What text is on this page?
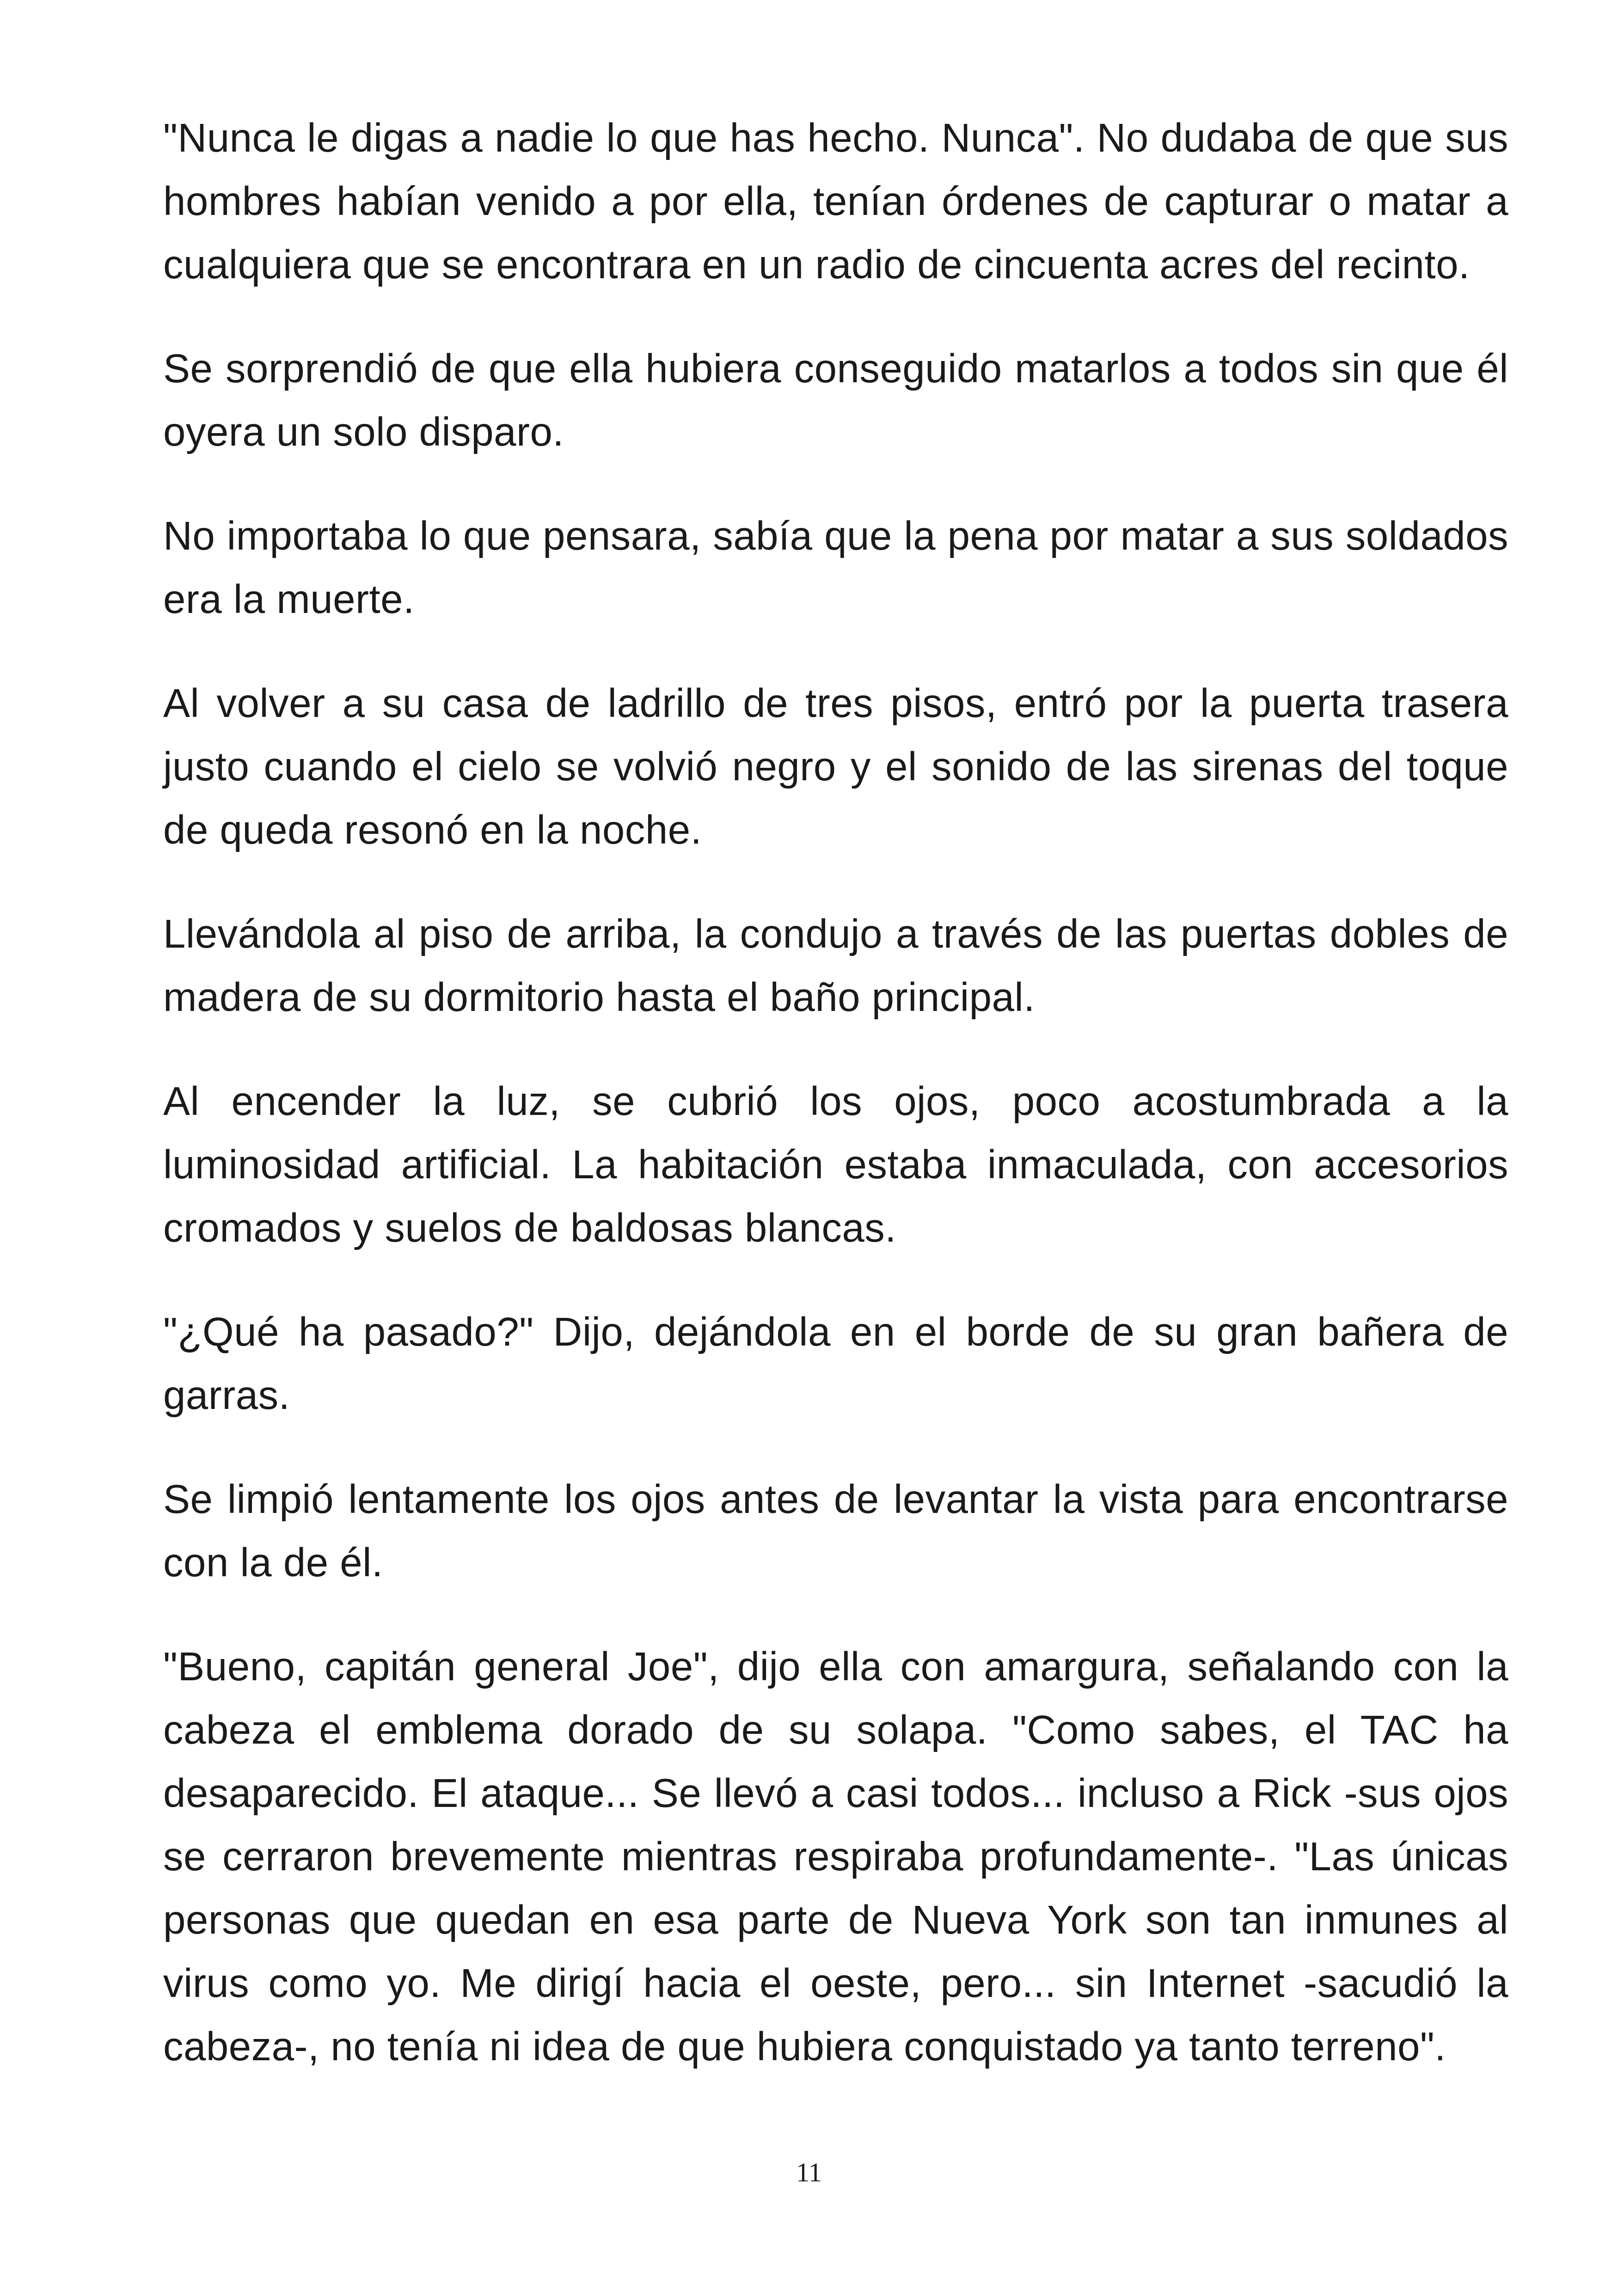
"Nunca le digas a nadie lo que has hecho. Nunca". No dudaba de que sus hombres habían venido a por ella, tenían órdenes de capturar o matar a cualquiera que se encontrara en un radio de cincuenta acres del recinto.

Se sorprendió de que ella hubiera conseguido matarlos a todos sin que él oyera un solo disparo.

No importaba lo que pensara, sabía que la pena por matar a sus soldados era la muerte.

Al volver a su casa de ladrillo de tres pisos, entró por la puerta trasera justo cuando el cielo se volvió negro y el sonido de las sirenas del toque de queda resonó en la noche.

Llevándola al piso de arriba, la condujo a través de las puertas dobles de madera de su dormitorio hasta el baño principal.

Al encender la luz, se cubrió los ojos, poco acostumbrada a la luminosidad artificial. La habitación estaba inmaculada, con accesorios cromados y suelos de baldosas blancas.

"¿Qué ha pasado?" Dijo, dejándola en el borde de su gran bañera de garras.

Se limpió lentamente los ojos antes de levantar la vista para encontrarse con la de él.

"Bueno, capitán general Joe", dijo ella con amargura, señalando con la cabeza el emblema dorado de su solapa. "Como sabes, el TAC ha desaparecido. El ataque... Se llevó a casi todos... incluso a Rick -sus ojos se cerraron brevemente mientras respiraba profundamente-. "Las únicas personas que quedan en esa parte de Nueva York son tan inmunes al virus como yo. Me dirigí hacia el oeste, pero... sin Internet -sacudió la cabeza-, no tenía ni idea de que hubiera conquistado ya tanto terreno".

11
